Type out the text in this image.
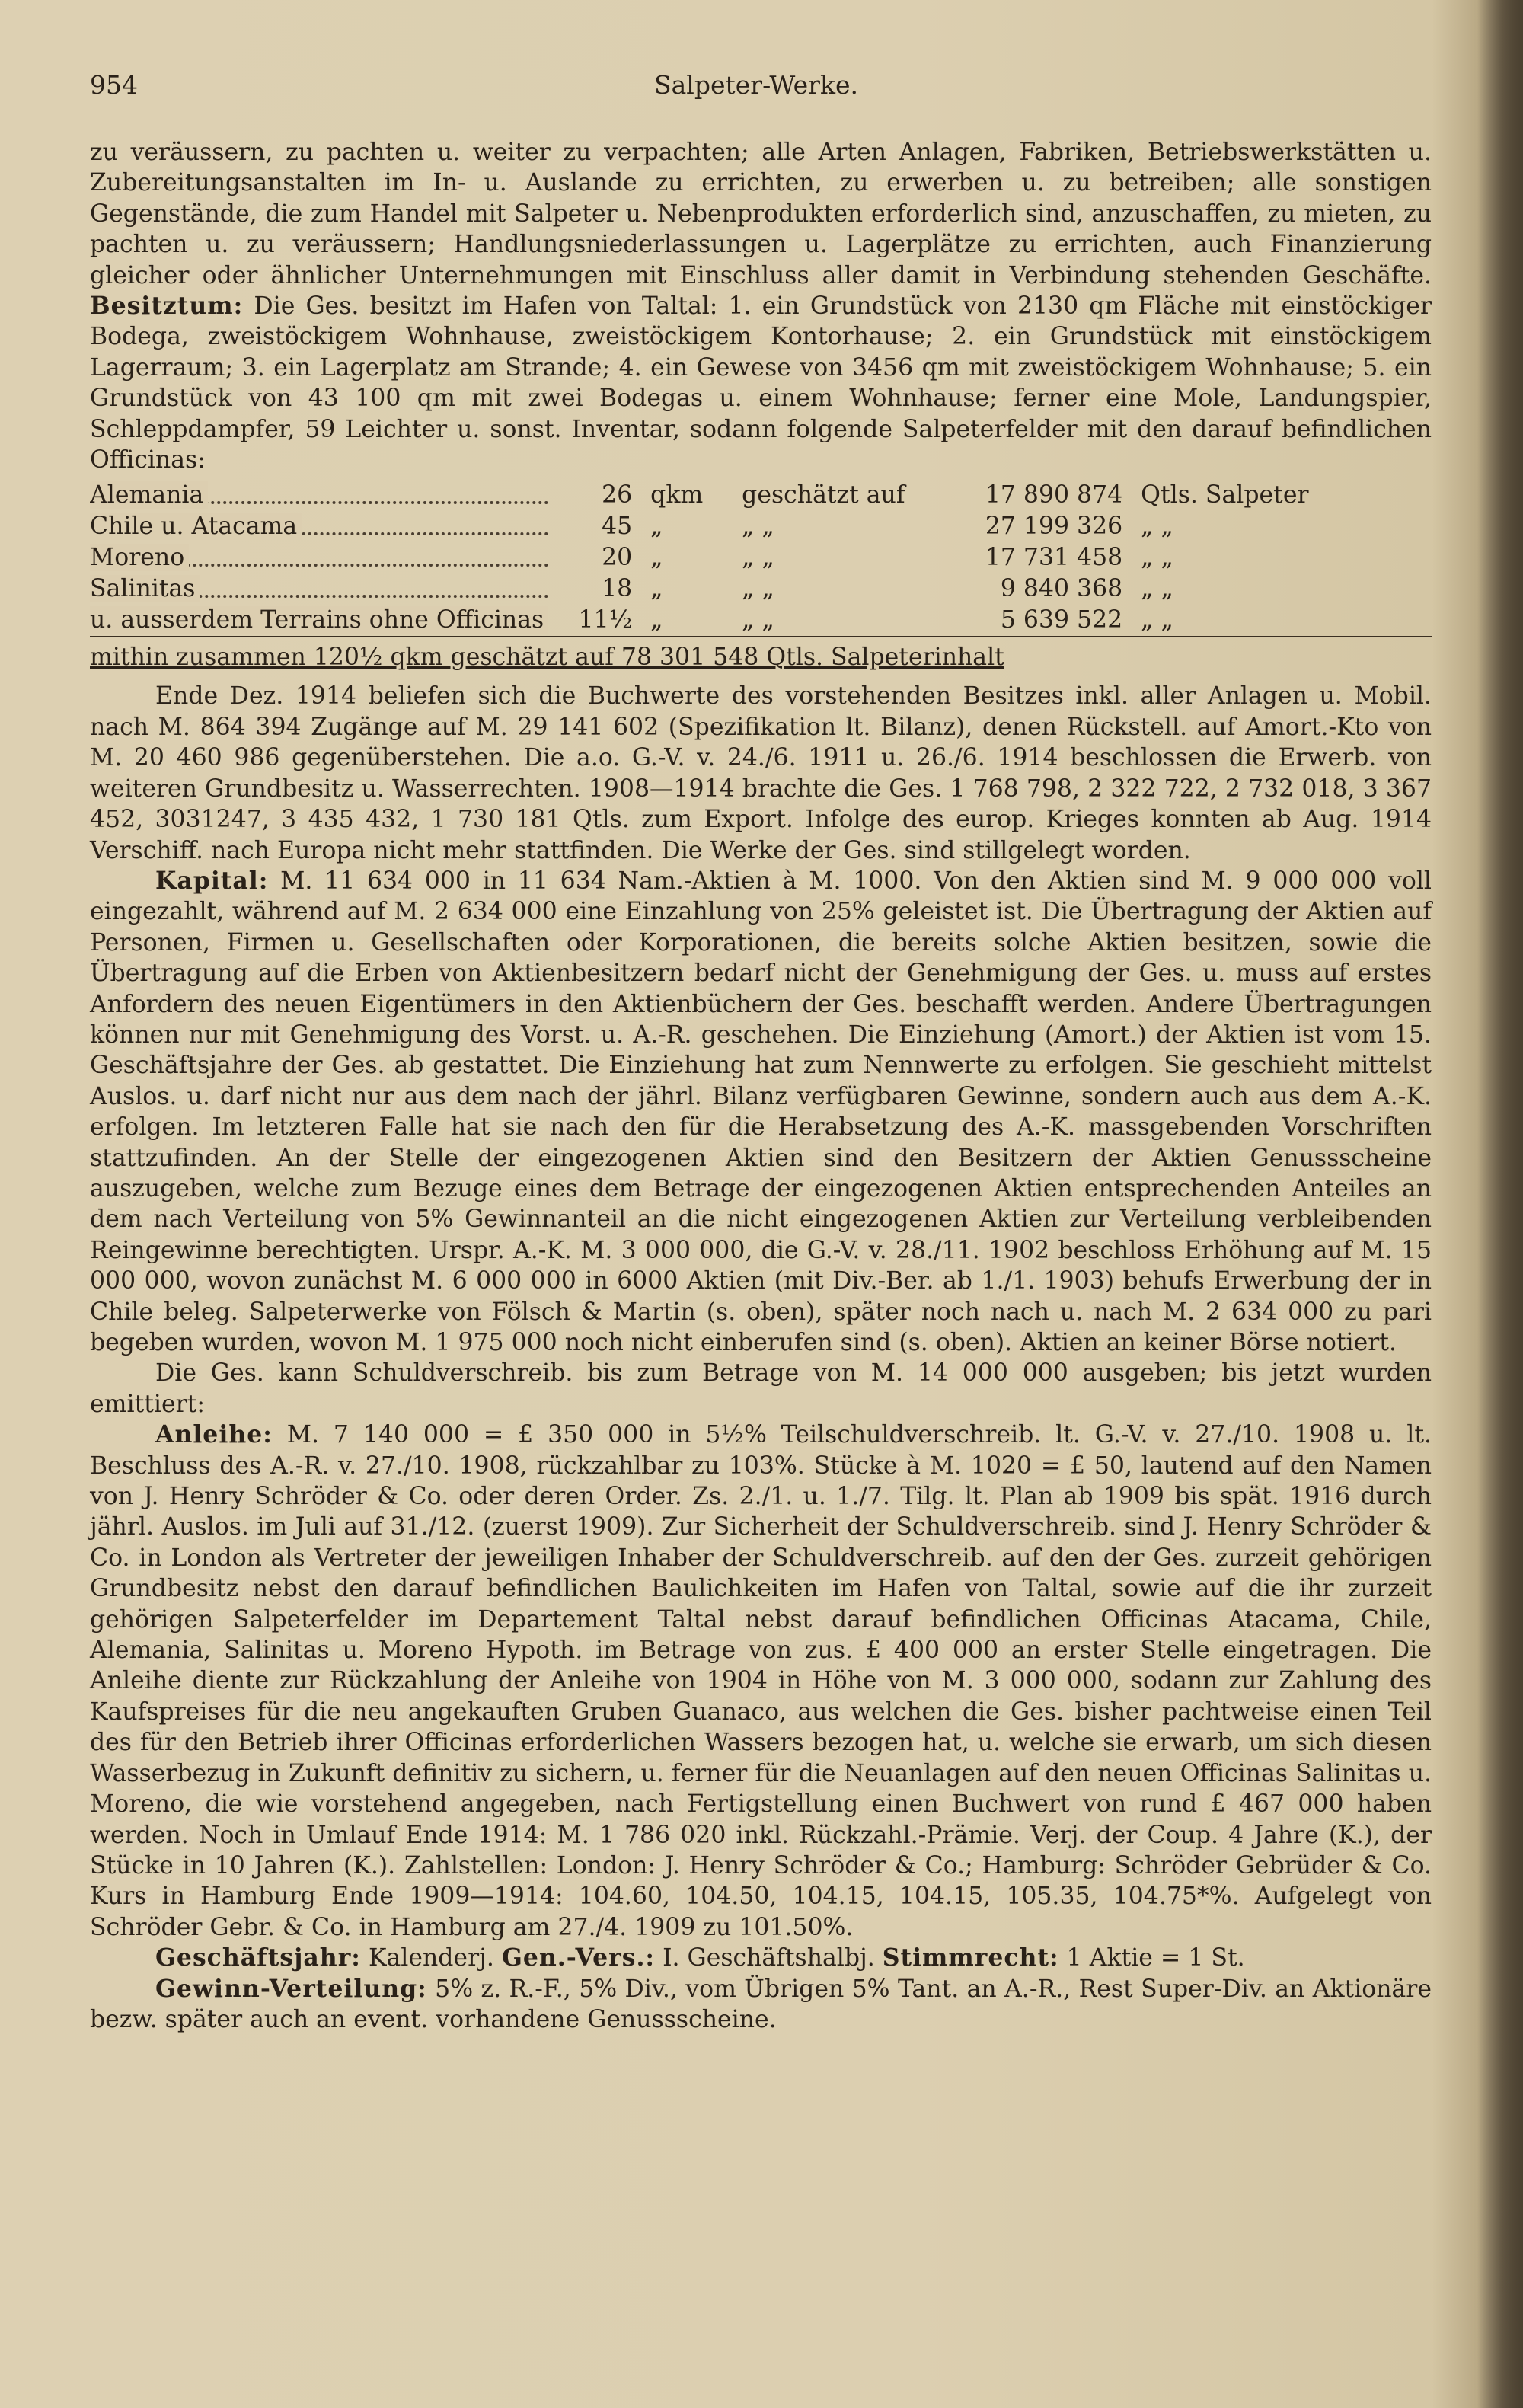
954	Salpeter-Werke.

zu veräussern, zu pachten u. weiter zu verpachten; alle Arten Anlagen, Fabriken, Betriebswerkstätten u. Zubereitungsanstalten im In- u. Auslande zu errichten, zu erwerben u. zu betreiben; alle sonstigen Gegenstände, die zum Handel mit Salpeter u. Nebenprodukten erforderlich sind, anzuschaffen, zu mieten, zu pachten u. zu veräussern; Handlungsniederlassungen u. Lagerplätze zu errichten, auch Finanzierung gleicher oder ähnlicher Unternehmungen mit Einschluss aller damit in Verbindung stehenden Geschäfte. Besitztum: Die Ges. besitzt im Hafen von Taltal: 1. ein Grundstück von 2130 qm Fläche mit einstöckiger Bodega, zweistöckigem Wohnhause, zweistöckigem Kontorhause; 2. ein Grundstück mit einstöckigem Lagerraum; 3. ein Lagerplatz am Strande; 4. ein Gewese von 3456 qm mit zweistöckigem Wohnhause; 5. ein Grundstück von 43 100 qm mit zwei Bodegas u. einem Wohnhause; ferner eine Mole, Landungspier, Schleppdampfer, 59 Leichter u. sonst. Inventar, sodann folgende Salpeterfelder mit den darauf befindlichen Officinas:

Alemania	26	qkm	geschätzt auf	17 890 874	Qtls. Salpeter

Chile u. Atacama	45	„	„ „	27 199 326	„ „

Moreno	20	„	„ „	17 731 458	„ „

Salinitas	18	„	„ „	9 840 368	„ „
u. ausserdem Terrains ohne Officinas	11½	„	„ „	5 639 522	„ „
mithin zusammen 120½ qkm geschätzt auf 78 301 548 Qtls. Salpeterinhalt					

Ende Dez. 1914 beliefen sich die Buchwerte des vorstehenden Besitzes inkl. aller Anlagen u. Mobil. nach M. 864 394 Zugänge auf M. 29 141 602 (Spezifikation lt. Bilanz), denen Rückstell. auf Amort.-Kto von M. 20 460 986 gegenüberstehen. Die a.o. G.-V. v. 24./6. 1911 u. 26./6. 1914 beschlossen die Erwerb. von weiteren Grundbesitz u. Wasserrechten. 1908—1914 brachte die Ges. 1 768 798, 2 322 722, 2 732 018, 3 367 452, 3031247, 3 435 432, 1 730 181 Qtls. zum Export. Infolge des europ. Krieges konnten ab Aug. 1914 Verschiff. nach Europa nicht mehr stattfinden. Die Werke der Ges. sind stillgelegt worden.

Kapital: M. 11 634 000 in 11 634 Nam.-Aktien à M. 1000. Von den Aktien sind M. 9 000 000 voll eingezahlt, während auf M. 2 634 000 eine Einzahlung von 25% geleistet ist. Die Übertragung der Aktien auf Personen, Firmen u. Gesellschaften oder Korporationen, die bereits solche Aktien besitzen, sowie die Übertragung auf die Erben von Aktienbesitzern bedarf nicht der Genehmigung der Ges. u. muss auf erstes Anfordern des neuen Eigentümers in den Aktienbüchern der Ges. beschafft werden. Andere Übertragungen können nur mit Genehmigung des Vorst. u. A.-R. geschehen. Die Einziehung (Amort.) der Aktien ist vom 15. Geschäftsjahre der Ges. ab gestattet. Die Einziehung hat zum Nennwerte zu erfolgen. Sie geschieht mittelst Auslos. u. darf nicht nur aus dem nach der jährl. Bilanz verfügbaren Gewinne, sondern auch aus dem A.-K. erfolgen. Im letzteren Falle hat sie nach den für die Herabsetzung des A.-K. massgebenden Vorschriften stattzufinden. An der Stelle der eingezogenen Aktien sind den Besitzern der Aktien Genussscheine auszugeben, welche zum Bezuge eines dem Betrage der eingezogenen Aktien entsprechenden Anteiles an dem nach Verteilung von 5% Gewinnanteil an die nicht eingezogenen Aktien zur Verteilung verbleibenden Reingewinne berechtigten. Urspr. A.-K. M. 3 000 000, die G.-V. v. 28./11. 1902 beschloss Erhöhung auf M. 15 000 000, wovon zunächst M. 6 000 000 in 6000 Aktien (mit Div.-Ber. ab 1./1. 1903) behufs Erwerbung der in Chile beleg. Salpeterwerke von Fölsch & Martin (s. oben), später noch nach u. nach M. 2 634 000 zu pari begeben wurden, wovon M. 1 975 000 noch nicht einberufen sind (s. oben). Aktien an keiner Börse notiert.

Die Ges. kann Schuldverschreib. bis zum Betrage von M. 14 000 000 ausgeben; bis jetzt wurden emittiert:

Anleihe: M. 7 140 000 = £ 350 000 in 5½% Teilschuldverschreib. lt. G.-V. v. 27./10. 1908 u. lt. Beschluss des A.-R. v. 27./10. 1908, rückzahlbar zu 103%. Stücke à M. 1020 = £ 50, lautend auf den Namen von J. Henry Schröder & Co. oder deren Order. Zs. 2./1. u. 1./7. Tilg. lt. Plan ab 1909 bis spät. 1916 durch jährl. Auslos. im Juli auf 31./12. (zuerst 1909). Zur Sicherheit der Schuldverschreib. sind J. Henry Schröder & Co. in London als Vertreter der jeweiligen Inhaber der Schuldverschreib. auf den der Ges. zurzeit gehörigen Grundbesitz nebst den darauf befindlichen Baulichkeiten im Hafen von Taltal, sowie auf die ihr zurzeit gehörigen Salpeterfelder im Departement Taltal nebst darauf befindlichen Officinas Atacama, Chile, Alemania, Salinitas u. Moreno Hypoth. im Betrage von zus. £ 400 000 an erster Stelle eingetragen. Die Anleihe diente zur Rückzahlung der Anleihe von 1904 in Höhe von M. 3 000 000, sodann zur Zahlung des Kaufspreises für die neu angekauften Gruben Guanaco, aus welchen die Ges. bisher pachtweise einen Teil des für den Betrieb ihrer Officinas erforderlichen Wassers bezogen hat, u. welche sie erwarb, um sich diesen Wasserbezug in Zukunft definitiv zu sichern, u. ferner für die Neuanlagen auf den neuen Officinas Salinitas u. Moreno, die wie vorstehend angegeben, nach Fertigstellung einen Buchwert von rund £ 467 000 haben werden. Noch in Umlauf Ende 1914: M. 1 786 020 inkl. Rückzahl.-Prämie. Verj. der Coup. 4 Jahre (K.), der Stücke in 10 Jahren (K.). Zahlstellen: London: J. Henry Schröder & Co.; Hamburg: Schröder Gebrüder & Co. Kurs in Hamburg Ende 1909—1914: 104.60, 104.50, 104.15, 104.15, 105.35, 104.75*%. Aufgelegt von Schröder Gebr. & Co. in Hamburg am 27./4. 1909 zu 101.50%.

Geschäftsjahr: Kalenderj. Gen.-Vers.: I. Geschäftshalbj. Stimmrecht: 1 Aktie = 1 St.

Gewinn-Verteilung: 5% z. R.-F., 5% Div., vom Übrigen 5% Tant. an A.-R., Rest Super-Div. an Aktionäre bezw. später auch an event. vorhandene Genussscheine.
